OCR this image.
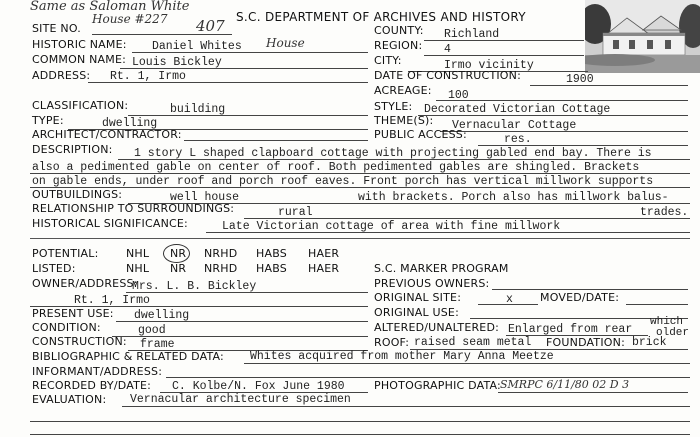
Same as Saloman White
House #227 407 S.C. DEPARTMENT OF ARCHIVES AND HISTORY
SITE NO.
HISTORIC NAME: Daniel Whites House
COMMON NAME: Louis Bickley
ADDRESS: Rt. 1, Irmo
COUNTY: Richland
REGION: 4
CITY:	Irmo vicinity
DATE OF CONSTRUCTION:	1900
ACREAGE: 100
CLASSIFICATION:	building
TYPE:	dwelling
ARCHITECT/CONTRACTOR:
STYLE: Decorated Victorian Cottage
THEME(S): Vernacular Cottage
PUBLIC ACCESS:	res.
DESCRIPTION: 1 story L shaped clapboard cottage with projecting gabled end bay. There is
also a pedimented gable on center of roof. Both pedimented gables are shingled. Brackets
on gable ends, under roof and porch roof eaves. Front porch has vertical millwork supports
OUTBUILDINGS:	well house	with brackets. Porch also has millwork balus-
RELATIONSHIP TO SURROUNDINGS:	rural	trades.
HISTORICAL SIGNIFICANCE:	Late Victorian cottage of area with fine millwork
POTENTIAL: NHL NR NRHD HABS HAER
LISTED:	NHL NR NRHD HABS HAER
OWNER/ADDRESS:
Mrs. L. B. Bickley
Rt. 1, Irmo
PRESENT USE: dwelling
CONDITION:	good
CONSTRUCTION: frame
S.C. MARKER PROGRAM
PREVIOUS OWNERS:
ORIGINAL SITE:	x MOVED/DATE:
ORIGINAL USE:
ALTERED/UNALTERED: Enlarged from rear
which
older
ROOF: raised seam metal FOUNDATION: brick
BIBLIOGRAPHIC & RELATED DATA: Whites acquired from mother Mary Anna Meetze
INFORMANT/ADDRESS:
RECORDED BY/DATE: C. Kolbe/N. Fox June 1980	PHOTOGRAPHIC DATA: SMRPC 6/11/80 02 D 3
EVALUATION: Vernacular architecture specimen
